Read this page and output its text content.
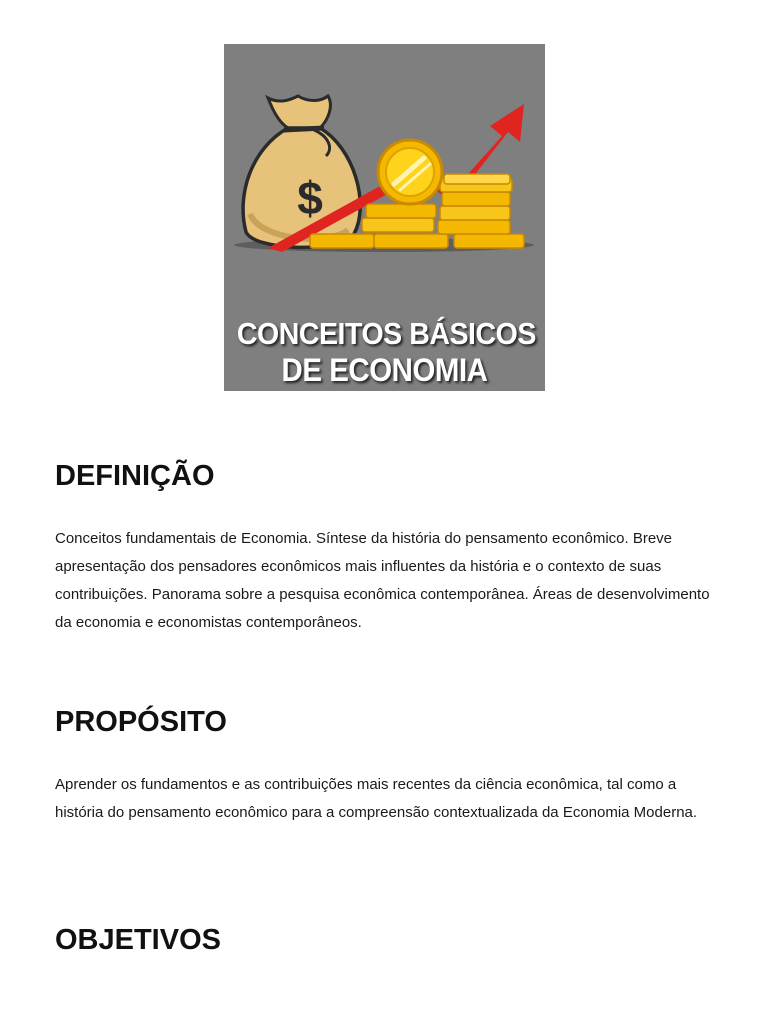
$
CONCEITOS BÁSICOS
DE ECONOMIA
DEFINIÇÃO

Conceitos fundamentais de Economia. Síntese da história do pensamento econômico. Breve apresentação dos pensadores econômicos mais influentes da história e o contexto de suas contribuições. Panorama sobre a pesquisa econômica contemporânea. Áreas de desenvolvimento da economia e economistas contemporâneos.

PROPÓSITO

Aprender os fundamentos e as contribuições mais recentes da ciência econômica, tal como a história do pensamento econômico para a compreensão contextualizada da Economia Moderna.

OBJETIVOS
